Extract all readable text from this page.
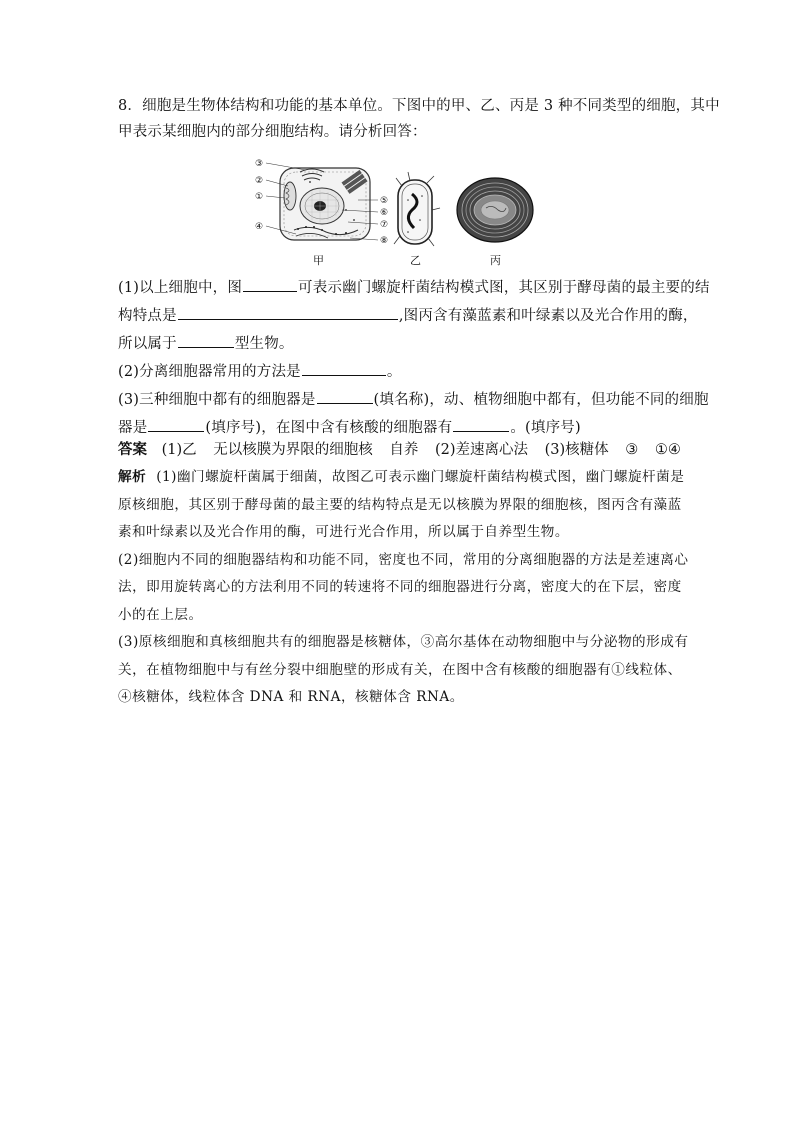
8．细胞是生物体结构和功能的基本单位。下图中的甲、乙、丙是 3 种不同类型的细胞，其中
甲表示某细胞内的部分细胞结构。请分析回答：
③
②
①
④
⑤
⑥
⑦
⑧
甲	乙	丙
(1)以上细胞中，图	可表示幽门螺旋杆菌结构模式图，其区别于酵母菌的最主要的结
构特点是	,图丙含有藻蓝素和叶绿素以及光合作用的酶，
所以属于	型生物。
(2)分离细胞器常用的方法是	。
(3)三种细胞中都有的细胞器是	(填名称)，动、植物细胞中都有，但功能不同的细胞
器是	(填序号)，在图中含有核酸的细胞器有	。(填序号)
答案 (1)乙 无以核膜为界限的细胞核 自养 (2)差速离心法 (3)核糖体 ③ ①④
解析 (1)幽门螺旋杆菌属于细菌，故图乙可表示幽门螺旋杆菌结构模式图，幽门螺旋杆菌是
原核细胞，其区别于酵母菌的最主要的结构特点是无以核膜为界限的细胞核，图丙含有藻蓝
素和叶绿素以及光合作用的酶，可进行光合作用，所以属于自养型生物。
(2)细胞内不同的细胞器结构和功能不同，密度也不同，常用的分离细胞器的方法是差速离心
法，即用旋转离心的方法利用不同的转速将不同的细胞器进行分离，密度大的在下层，密度
小的在上层。
(3)原核细胞和真核细胞共有的细胞器是核糖体，③高尔基体在动物细胞中与分泌物的形成有
关，在植物细胞中与有丝分裂中细胞壁的形成有关，在图中含有核酸的细胞器有①线粒体、
④核糖体，线粒体含 DNA 和 RNA，核糖体含 RNA。
